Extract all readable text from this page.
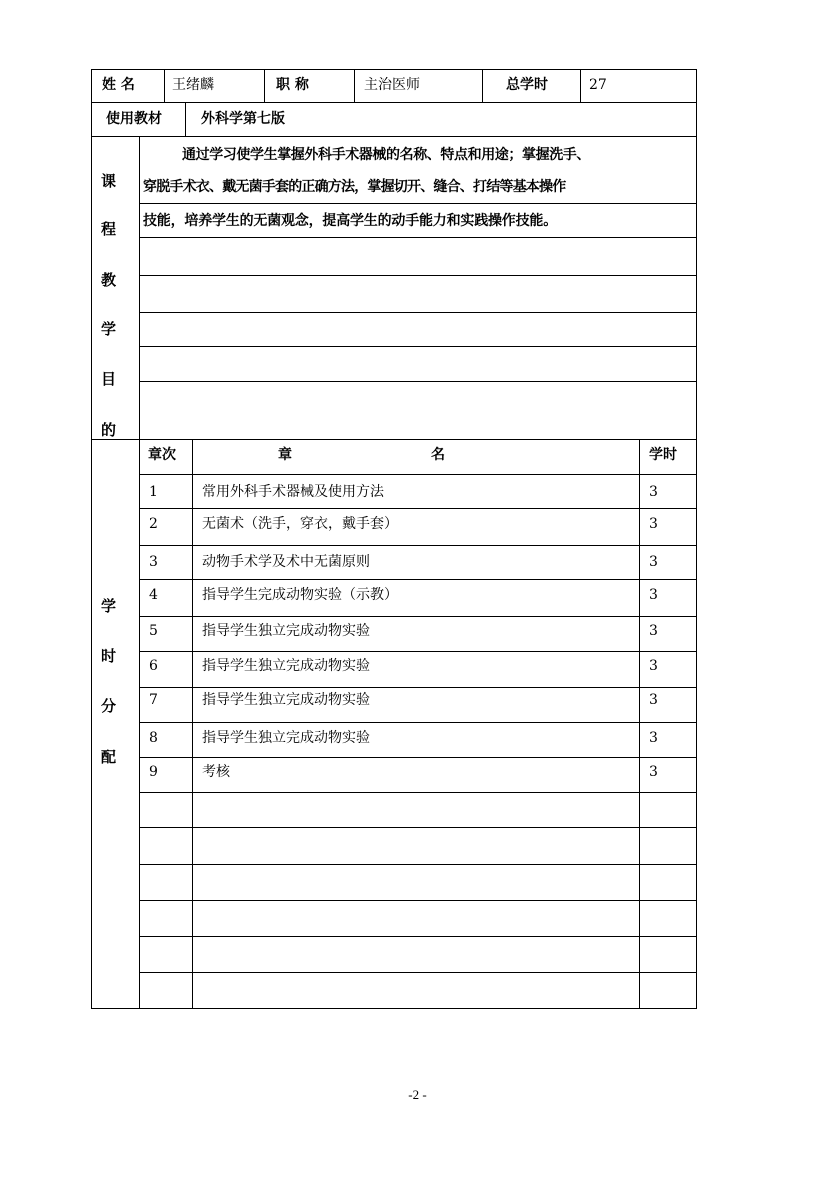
姓 名	王绪麟	职 称	主治医师	总学时	27
使用教材	外科学第七版
课
程
教
学
目
的
通过学习使学生掌握外科手术器械的名称、特点和用途；掌握洗手、
穿脱手术衣、戴无菌手套的正确方法，掌握切开、缝合、打结等基本操作
技能，培养学生的无菌观念，提高学生的动手能力和实践操作技能。
学
时
分
配
章次	章	名	学时
1	常用外科手术器械及使用方法	3
2	无菌术（洗手，穿衣，戴手套）	3
3	动物手术学及术中无菌原则	3
4	指导学生完成动物实验（示教）	3
5	指导学生独立完成动物实验	3
6	指导学生独立完成动物实验	3
7	指导学生独立完成动物实验	3
8	指导学生独立完成动物实验	3
9	考核	3
-2 -
